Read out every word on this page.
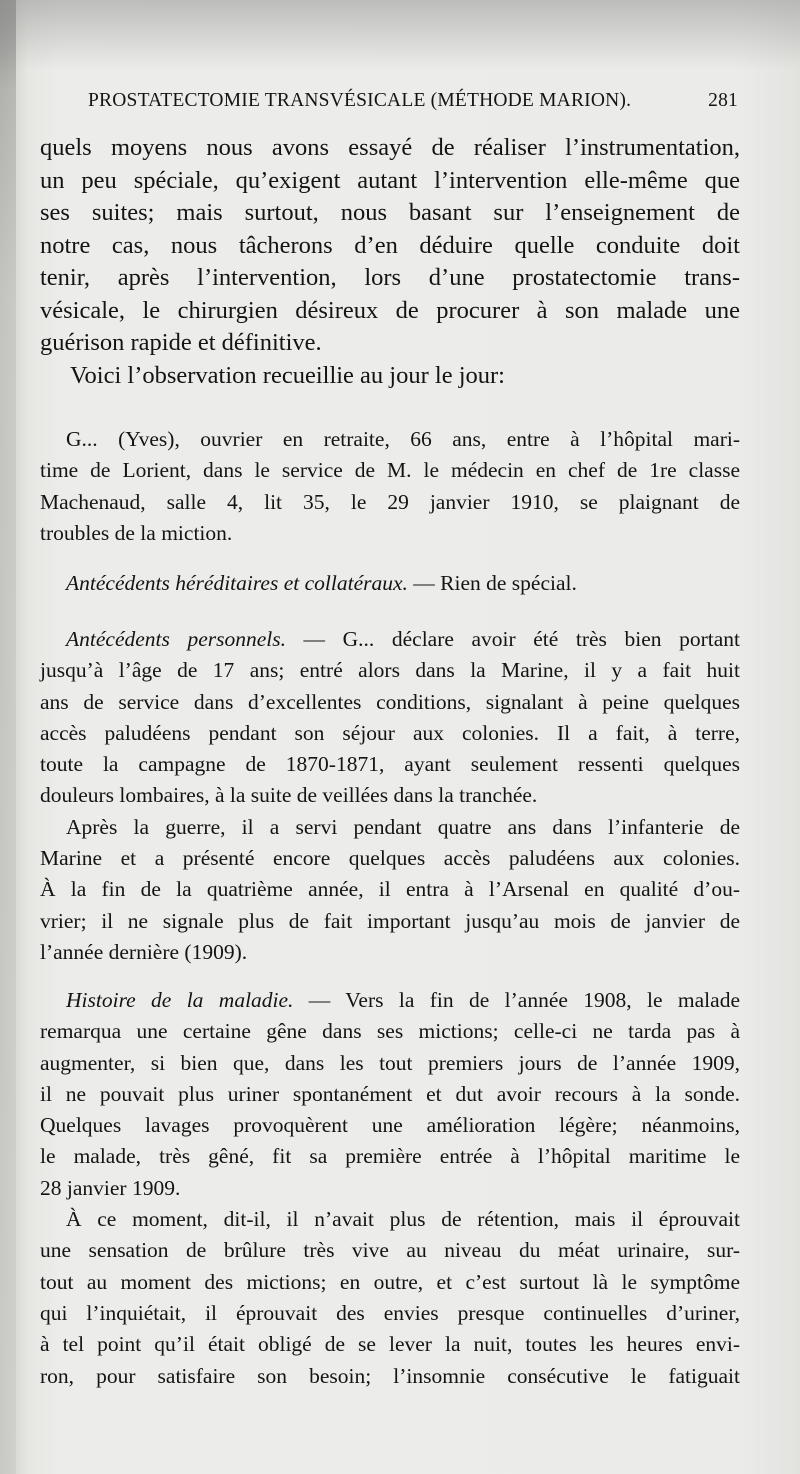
PROSTATECTOMIE TRANSVÉSICALE (MÉTHODE MARION).	281
quels moyens nous avons essayé de réaliser l’instrumentation,
un peu spéciale, qu’exigent autant l’intervention elle-même que
ses suites; mais surtout, nous basant sur l’enseignement de
notre cas, nous tâcherons d’en déduire quelle conduite doit
tenir, après l’intervention, lors d’une prostatectomie trans-
vésicale, le chirurgien désireux de procurer à son malade une
guérison rapide et définitive.
Voici l’observation recueillie au jour le jour:
G... (Yves), ouvrier en retraite, 66 ans, entre à l’hôpital mari-
time de Lorient, dans le service de M. le médecin en chef de 1re classe
Machenaud, salle 4, lit 35, le 29 janvier 1910, se plaignant de
troubles de la miction.
Antécédents héréditaires et collatéraux. — Rien de spécial.
Antécédents personnels. — G... déclare avoir été très bien portant
jusqu’à l’âge de 17 ans; entré alors dans la Marine, il y a fait huit
ans de service dans d’excellentes conditions, signalant à peine quelques
accès paludéens pendant son séjour aux colonies. Il a fait, à terre,
toute la campagne de 1870-1871, ayant seulement ressenti quelques
douleurs lombaires, à la suite de veillées dans la tranchée.
Après la guerre, il a servi pendant quatre ans dans l’infanterie de
Marine et a présenté encore quelques accès paludéens aux colonies.
À la fin de la quatrième année, il entra à l’Arsenal en qualité d’ou-
vrier; il ne signale plus de fait important jusqu’au mois de janvier de
l’année dernière (1909).
Histoire de la maladie. — Vers la fin de l’année 1908, le malade
remarqua une certaine gêne dans ses mictions; celle-ci ne tarda pas à
augmenter, si bien que, dans les tout premiers jours de l’année 1909,
il ne pouvait plus uriner spontanément et dut avoir recours à la sonde.
Quelques lavages provoquèrent une amélioration légère; néanmoins,
le malade, très gêné, fit sa première entrée à l’hôpital maritime le
28 janvier 1909.
À ce moment, dit-il, il n’avait plus de rétention, mais il éprouvait
une sensation de brûlure très vive au niveau du méat urinaire, sur-
tout au moment des mictions; en outre, et c’est surtout là le symptôme
qui l’inquiétait, il éprouvait des envies presque continuelles d’uriner,
à tel point qu’il était obligé de se lever la nuit, toutes les heures envi-
ron, pour satisfaire son besoin; l’insomnie consécutive le fatiguait
